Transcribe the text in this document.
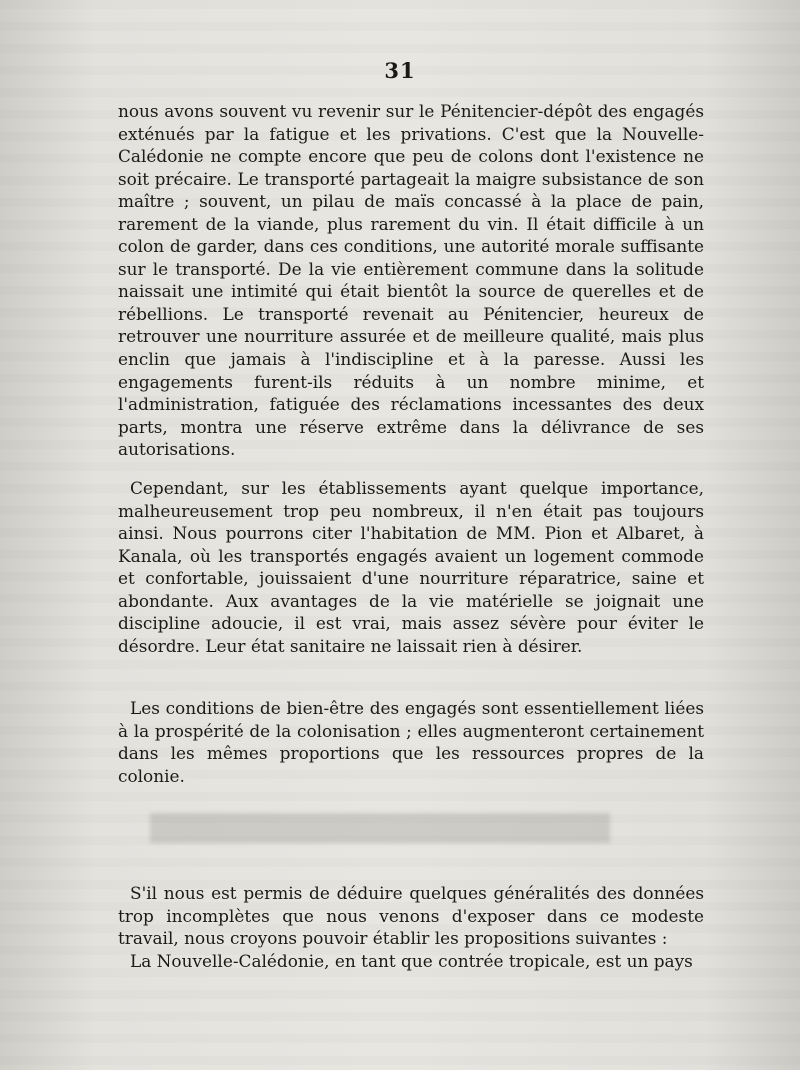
31

nous avons souvent vu revenir sur le Pénitencier-dépôt des engagés exténués par la fatigue et les privations. C'est que la Nouvelle-Calédonie ne compte encore que peu de colons dont l'existence ne soit précaire. Le transporté partageait la maigre subsistance de son maître ; souvent, un pilau de maïs concassé à la place de pain, rarement de la viande, plus rarement du vin. Il était difficile à un colon de garder, dans ces conditions, une autorité morale suffisante sur le transporté. De la vie entièrement commune dans la solitude naissait une intimité qui était bientôt la source de querelles et de rébellions. Le transporté revenait au Pénitencier, heureux de retrouver une nourriture assurée et de meilleure qualité, mais plus enclin que jamais à l'indiscipline et à la paresse. Aussi les engagements furent-ils réduits à un nombre minime, et l'administration, fatiguée des réclamations incessantes des deux parts, montra une réserve extrême dans la délivrance de ses autorisations.

Cependant, sur les établissements ayant quelque importance, malheureusement trop peu nombreux, il n'en était pas toujours ainsi. Nous pourrons citer l'habitation de MM. Pion et Albaret, à Kanala, où les transportés engagés avaient un logement commode et confortable, jouissaient d'une nourriture réparatrice, saine et abondante. Aux avantages de la vie matérielle se joignait une discipline adoucie, il est vrai, mais assez sévère pour éviter le désordre. Leur état sanitaire ne laissait rien à désirer.

Les conditions de bien-être des engagés sont essentiellement liées à la prospérité de la colonisation ; elles augmenteront certainement dans les mêmes proportions que les ressources propres de la colonie.

S'il nous est permis de déduire quelques généralités des données trop incomplètes que nous venons d'exposer dans ce modeste travail, nous croyons pouvoir établir les propositions suivantes :

La Nouvelle-Calédonie, en tant que contrée tropicale, est un pays
